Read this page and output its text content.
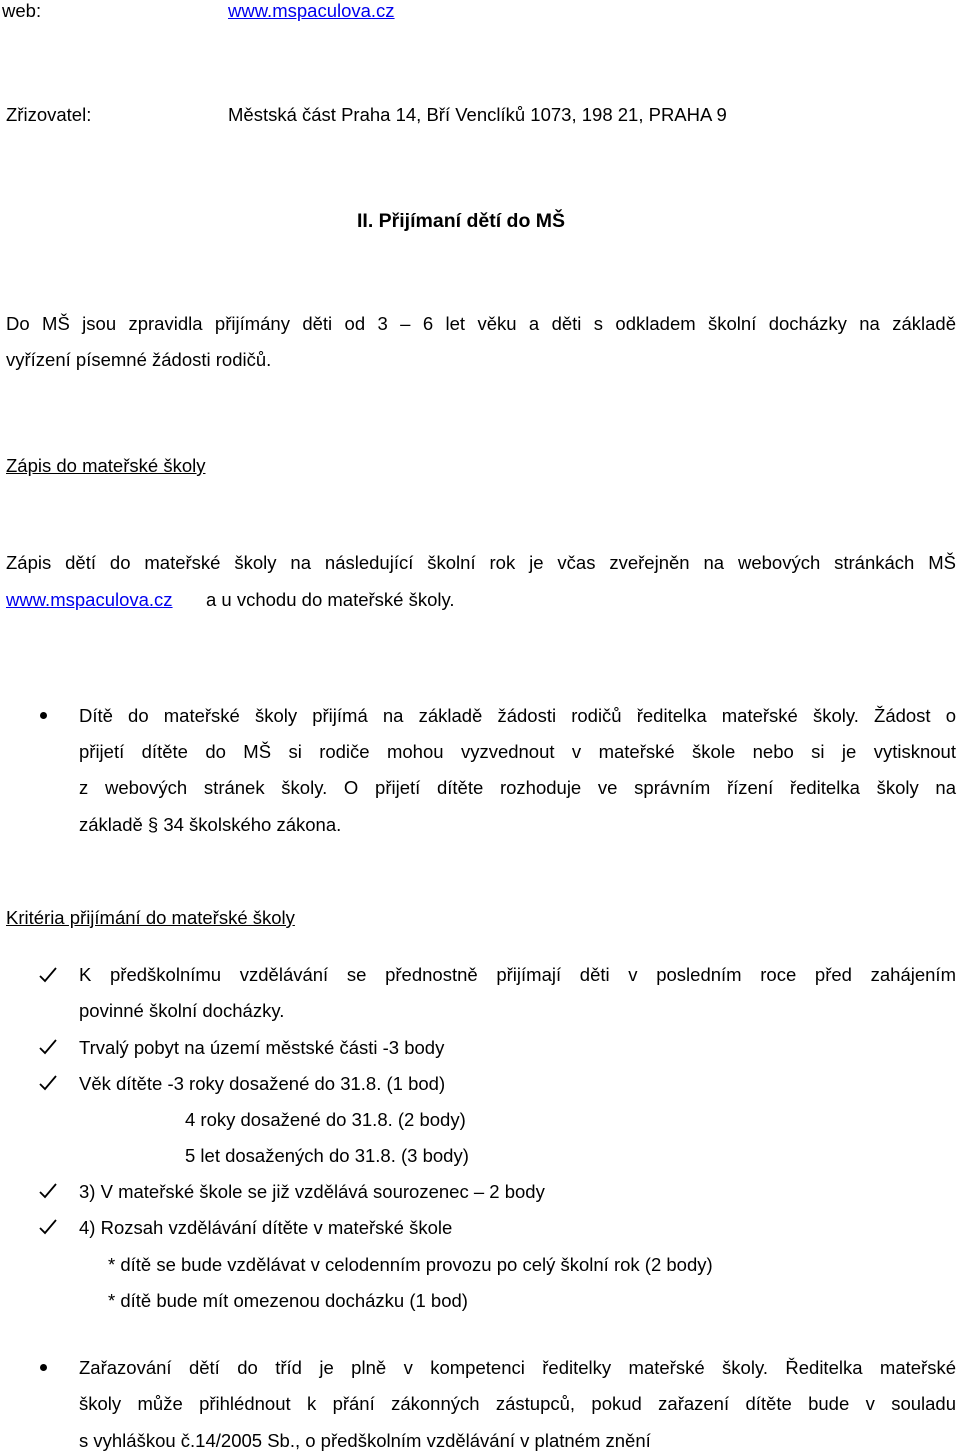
web:	www.mspaculova.cz
Zřizovatel:	Městská část Praha 14, Bří Venclíků 1073, 198 21, PRAHA 9
II. Přijímaní dětí do MŠ
Do MŠ jsou zpravidla přijímány děti od 3 – 6 let věku a děti s odkladem školní docházky na základě
vyřízení písemné žádosti rodičů.
Zápis do mateřské školy
Zápis dětí do mateřské školy na následující školní rok je včas zveřejněn na webových stránkách MŠ
www.mspaculova.cz a u vchodu do mateřské školy.
Dítě do mateřské školy přijímá na základě žádosti rodičů ředitelka mateřské školy. Žádost o
přijetí dítěte do MŠ si rodiče mohou vyzvednout v mateřské škole nebo si je vytisknout
z webových stránek školy. O přijetí dítěte rozhoduje ve správním řízení ředitelka školy na
základě § 34 školského zákona.
Kritéria přijímání do mateřské školy
K předškolnímu vzdělávání se přednostně přijímají děti v posledním roce před zahájením
povinné školní docházky.
Trvalý pobyt na území městské části -3 body
Věk dítěte -3 roky dosažené do 31.8. (1 bod)
4 roky dosažené do 31.8. (2 body)
5 let dosažených do 31.8. (3 body)
3) V mateřské škole se již vzdělává sourozenec – 2 body
4) Rozsah vzdělávání dítěte v mateřské škole
* dítě se bude vzdělávat v celodenním provozu po celý školní rok (2 body)
* dítě bude mít omezenou docházku (1 bod)
Zařazování dětí do tříd je plně v kompetenci ředitelky mateřské školy. Ředitelka mateřské
školy může přihlédnout k přání zákonných zástupců, pokud zařazení dítěte bude v souladu
s vyhláškou č.14/2005 Sb., o předškolním vzdělávání v platném znění
